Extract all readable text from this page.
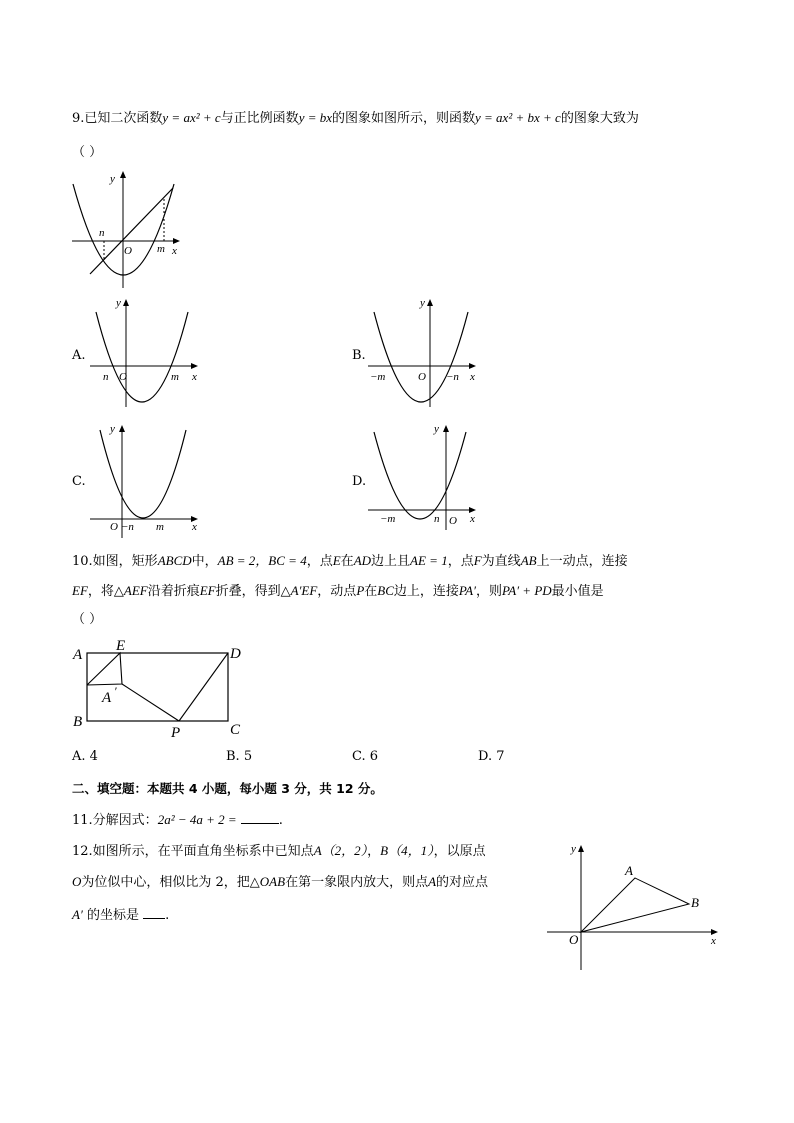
9.已知二次函数y = ax² + c与正比例函数y = bx的图象如图所示，则函数y = ax² + bx + c的图象大致为
（ ）
y
x
O
n
m
A.
y
x
O
n	m
B.
y
x
O
−m	−n
C.
y
x
O −n m
D.
y
x
O
−m	n
10.如图，矩形ABCD中，AB = 2，BC = 4，点E在AD边上且AE = 1，点F为直线AB上一动点，连接
EF，将△AEF沿着折痕EF折叠，得到△A′EF，动点P在BC边上，连接PA′，则PA′ + PD最小值是
（ ）
A
E	D
A ′
B	C
P
A. 4	B. 5	C. 6	D. 7
二、填空题：本题共 4 小题，每小题 3 分，共 12 分。
11.分解因式：2a² − 4a + 2 =	.
12.如图所示，在平面直角坐标系中已知点A（2，2），B（4，1），以原点
O为位似中心，相似比为 2，把△OAB在第一象限内放大，则点A的对应点
A′ 的坐标是 .
y
x
O
A
B
